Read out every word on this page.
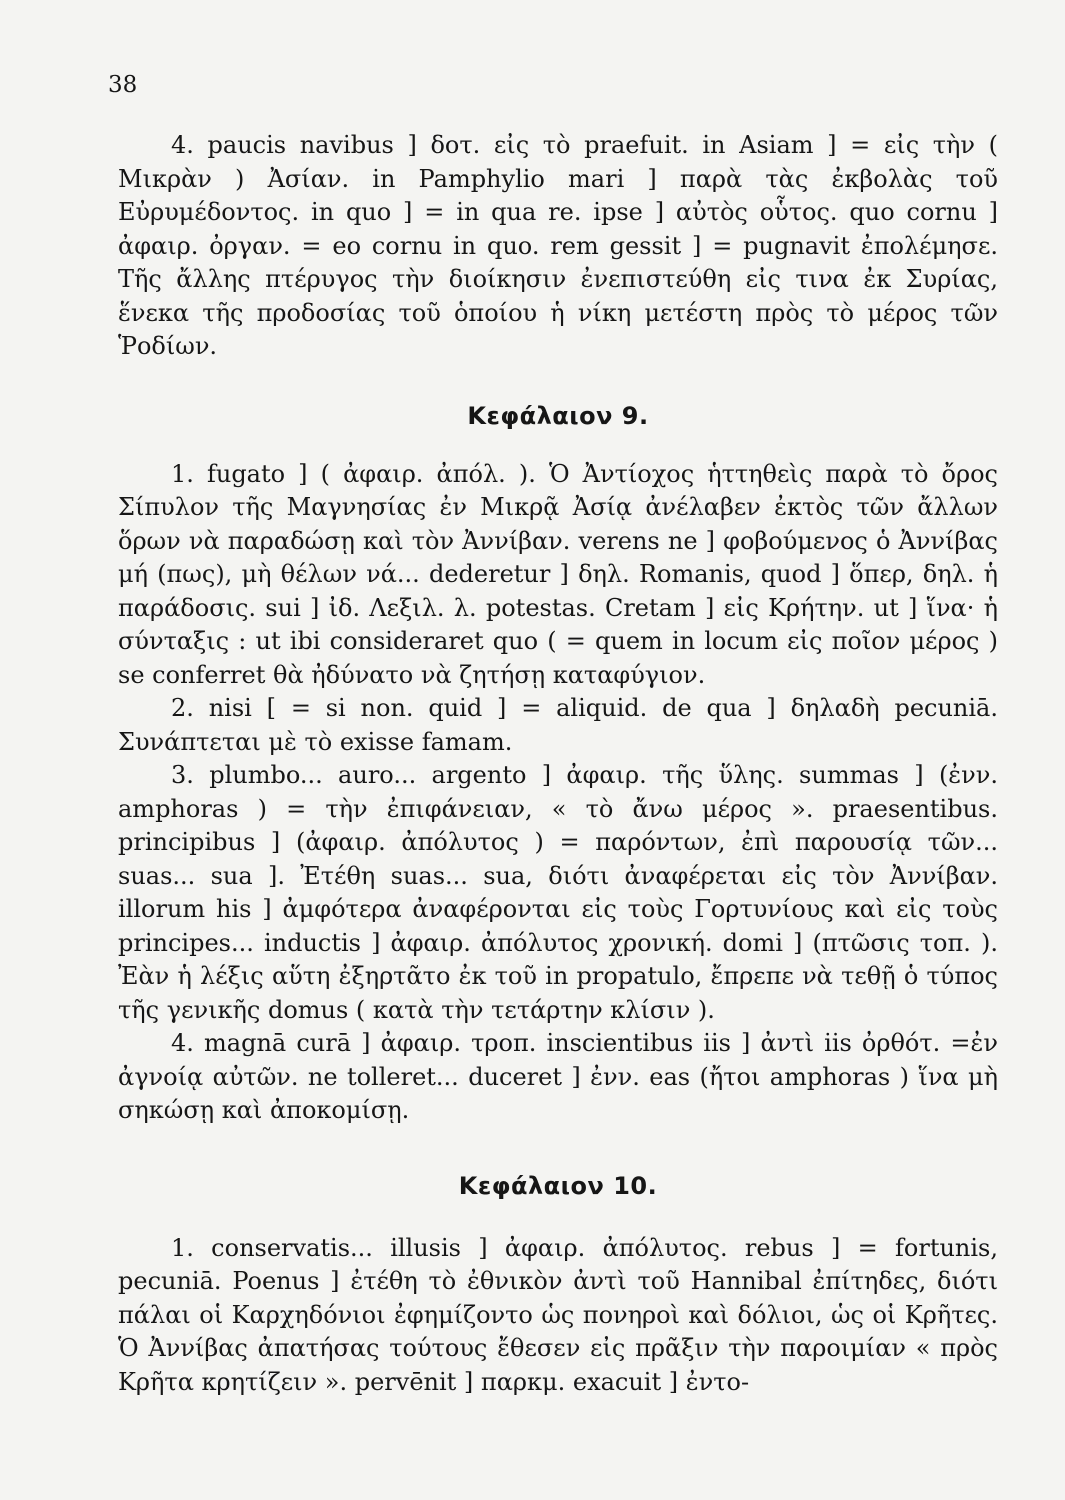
38

4. paucis navibus ] δοτ. εἰς τὸ praefuit. in Asiam ] = εἰς τὴν ( Μικρὰν ) Ἀσίαν. in Pamphylio mari ] παρὰ τὰς ἐκβολὰς τοῦ Εὐρυμέδοντος. in quo ] = in qua re. ipse ] αὐτὸς οὗτος. quo cornu ] ἀφαιρ. ὀργαν. = eo cornu in quo. rem gessit ] = pugnavit ἐπολέμησε. Τῆς ἄλλης πτέρυγος τὴν διοίκησιν ἐνεπιστεύθη εἰς τινα ἐκ Συρίας, ἕνεκα τῆς προδοσίας τοῦ ὁποίου ἡ νίκη μετέστη πρὸς τὸ μέρος τῶν Ῥοδίων.

Κεφάλαιον 9.

1. fugato ] ( ἀφαιρ. ἀπόλ. ). Ὁ Ἀντίοχος ἡττηθεὶς παρὰ τὸ ὄρος Σίπυλον τῆς Μαγνησίας ἐν Μικρᾷ Ἀσίᾳ ἀνέλαβεν ἐκτὸς τῶν ἄλλων ὅρων νὰ παραδώσῃ καὶ τὸν Ἀννίβαν. verens ne ] φοβούμενος ὁ Ἀννίβας μή (πως), μὴ θέλων νά... dederetur ] δηλ. Romanis, quod ] ὅπερ, δηλ. ἡ παράδοσις. sui ] ἰδ. Λεξιλ. λ. potestas. Cretam ] εἰς Κρήτην. ut ] ἵνα· ἡ σύνταξις : ut ibi consideraret quo ( = quem in locum εἰς ποῖον μέρος ) se conferret θὰ ἠδύνατο νὰ ζητήσῃ καταφύγιον.

2. nisi [ = si non. quid ] = aliquid. de qua ] δηλαδὴ pecuniā. Συνάπτεται μὲ τὸ exisse famam.

3. plumbo... auro... argento ] ἀφαιρ. τῆς ὕλης. summas ] (ἐνν. amphoras ) = τὴν ἐπιφάνειαν, « τὸ ἄνω μέρος ». praesentibus. principibus ] (ἀφαιρ. ἀπόλυτος ) = παρόντων, ἐπὶ παρουσίᾳ τῶν... suas... sua ]. Ἐτέθη suas... sua, διότι ἀναφέρεται εἰς τὸν Ἀννίβαν. illorum his ] ἀμφότερα ἀναφέρονται εἰς τοὺς Γορτυνίους καὶ εἰς τοὺς principes... inductis ] ἀφαιρ. ἀπόλυτος χρονική. domi ] (πτῶσις τοπ. ). Ἐὰν ἡ λέξις αὕτη ἐξηρτᾶτο ἐκ τοῦ in propatulo, ἔπρεπε νὰ τεθῇ ὁ τύπος τῆς γενικῆς domus ( κατὰ τὴν τετάρτην κλίσιν ).

4. magnā curā ] ἀφαιρ. τροπ. inscientibus iis ] ἀντὶ iis ὀρθότ. =ἐν ἀγνοίᾳ αὐτῶν. ne tolleret... duceret ] ἐνν. eas (ἤτοι amphoras ) ἵνα μὴ σηκώσῃ καὶ ἀποκομίσῃ.

Κεφάλαιον 10.

1. conservatis... illusis ] ἀφαιρ. ἀπόλυτος. rebus ] = fortunis, pecuniā. Poenus ] ἐτέθη τὸ ἐθνικὸν ἀντὶ τοῦ Hannibal ἐπίτηδες, διότι πάλαι οἱ Καρχηδόνιοι ἐφημίζοντο ὡς πονηροὶ καὶ δόλιοι, ὡς οἱ Κρῆτες. Ὁ Ἀννίβας ἀπατήσας τούτους ἔθεσεν εἰς πρᾶξιν τὴν παροιμίαν « πρὸς Κρῆτα κρητίζειν ». pervēnit ] παρκμ. exacuit ] ἐντο-
